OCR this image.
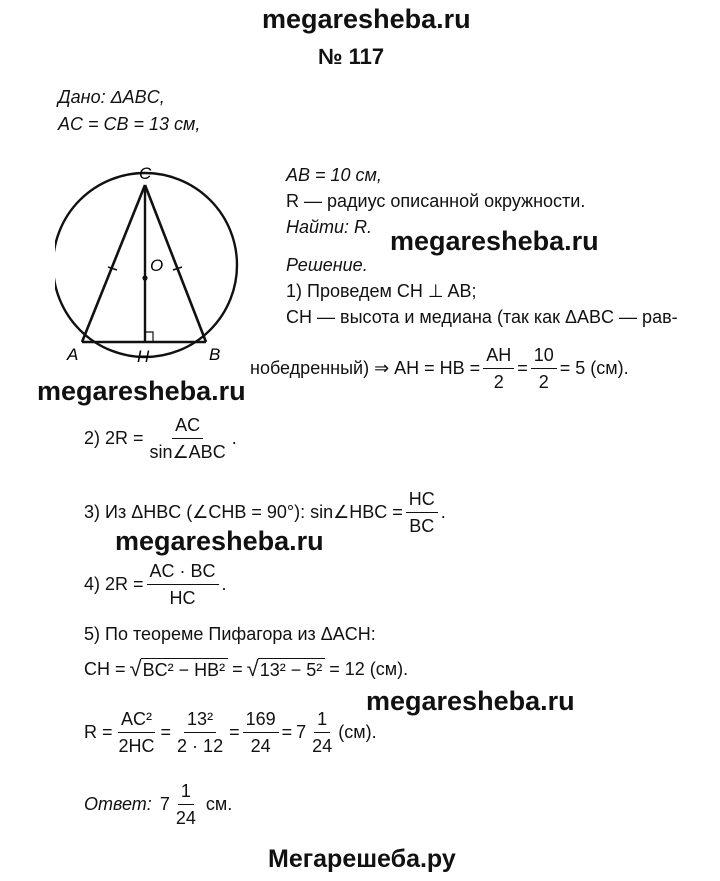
megaresheba.ru
№ 117
Дано: ΔABC,
AC = CB = 13 см,
AB = 10 см,
R — радиус описанной окружности.
Найти: R.
C
O
A	H	B
megaresheba.ru
megaresheba.ru
megaresheba.ru
megaresheba.ru
Решение.
1) Проведем CH ⊥ AB;
CH — высота и медиана (так как ΔABC — рав-
нобедренный) ⇒ AH = HB = $\frac{AH}{2} = \frac{10}{2} = 5$ (см).
2) $2R = \frac{AC}{\text{sin∠ABC}}$ .
3) Из ΔHBC (∠CHB = 90°): sin∠HBC = $\frac{HC}{BC}$ .
4) $2R = \frac{AC \cdot BC}{HC}$ .
5) По теореме Пифагора из ΔACH:
CH = √ BC² − HB² = √ 13² − 5² = 12 (см).
$R = \frac{\text{AC²}}{2HC} = \frac{\text{13²}}{2 \cdot 12} = \frac{169}{24} = 7 \frac{1}{24} (см)$.
Ответ: $7 \frac{1}{24}$ см.
Мегарешеба.ру
